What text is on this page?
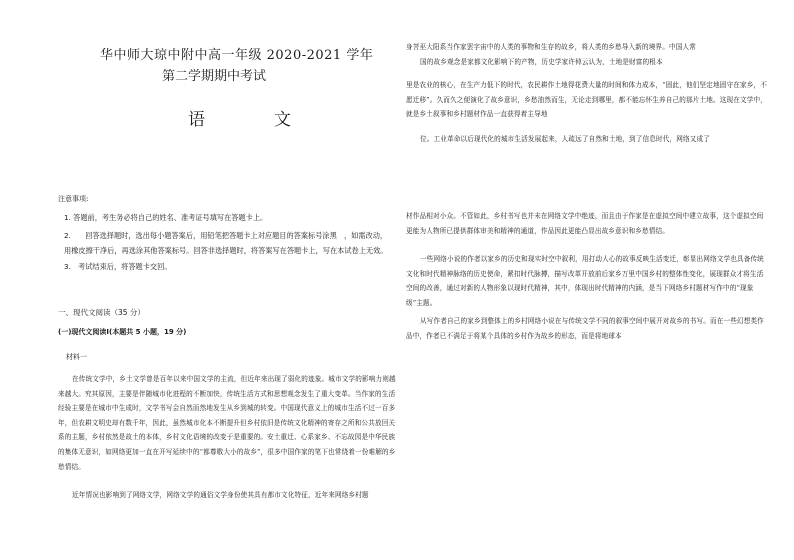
华中师大琼中附中高一年级 2020-2021 学年
第二学期期中考试
语　文
注意事项:
1. 答题前，考生务必将自己的姓名、准考证号填写在答题卡上。
2.　　回答选择题时，选出每小题答案后，用铅笔把答题卡上对应题目的答案标号涂黑　，如需改动，用橡皮擦干净后，再选涂其他答案标号。回答非选择题时，将答案写在答题卡上，写在本试卷上无效。
3.　考试结束后，将答题卡交回。
一、现代文阅读（35 分）
(一)现代文阅读Ⅰ(本题共 5 小题，19 分)
材料一
在传统文学中，乡土文学曾是百年以来中国文学的主流，但近年来出现了弱化的迹象。城市文学的影响力则越来越大。究其原因，主要是伴随城市化进程的不断加快，传统生活方式和思想观念发生了重大变革。当作家的生活经验主要是在城市中生成时，文学书写会自然而然地发生从乡到城的转变。中国现代意义上的城市生活不过一百多年，但农耕文明史却有数千年，因此，虽然城市化本不断提升但乡村依旧是传统文化精神的寄存之所和公共放回关系的主题，乡村依然是故土的本体，乡村文化语境的改变于是重要的。安土重迁、心系家乡、不忘故园是中华民族的集体无意识，如网络更加一直在开写延续中的“都尊敬大小的故乡”，很多中国作家的笔下也常绕着一份难解的乡愁情结。
近年情况也影响到了网络文学，网络文学的通俗文学身份使其具有都市文化特征，近年来网络乡村题
身菩巫大阳系当作家罢字宙中的人类的事物和生存的故乡，将人类的乡愁导入新的境界。中国人常
国的故乡观念是家都文化影响下的产物，历史学家许倬云认为，土地是财富的根本
里是农业的核心，在生产力低下的时代，农民耕作土地得花费大量的时间和体力成本，“固此，他们坚定地固守在家乡，不愿迁移”。久而久之便演化了故乡意识，乡愁油然而生，无论走到哪里，都不能忘怀生养自己的那片土地。这现在文学中，就是乡土叙事和乡村题材作品一直获得着主导地
位。工业革命以后现代化的城市生活发展起来，人疏远了自然和土地，到了信息时代，网络又成了
材作品相对小众。不管如此，乡村书写也并未在网络文学中绝迹，而且由于作家是在虚拟空间中建立故事，这个虚拟空间更能为人物所已提供群体审美和精神的通道，作品因此更能凸显出故乡意识和乡愁情结。
一些网络小说的作者以家乡的历史和现实时空中叙利，用打动人心的故事反映生活变迁，彰显出网络文学也具备传统文化和时代精神脉络的历史使命，紧扣时代脉搏，描写改革开放前后家乡万里中国乡村的整体性变化，展现群众才将生活空间的改善，通过对新的人物形象以现时代精神，其中，体现出时代精神的内涵，是当下网络乡村题材写作中的“现象级”主题。
从写作者自己的家乡到整体上的乡村网络小说在与传统文学不同的叙事空间中展开对故乡的书写。而在一些幻想类作品中，作者已不满足于将某个具体的乡村作为故乡的形态，而是将地球本
